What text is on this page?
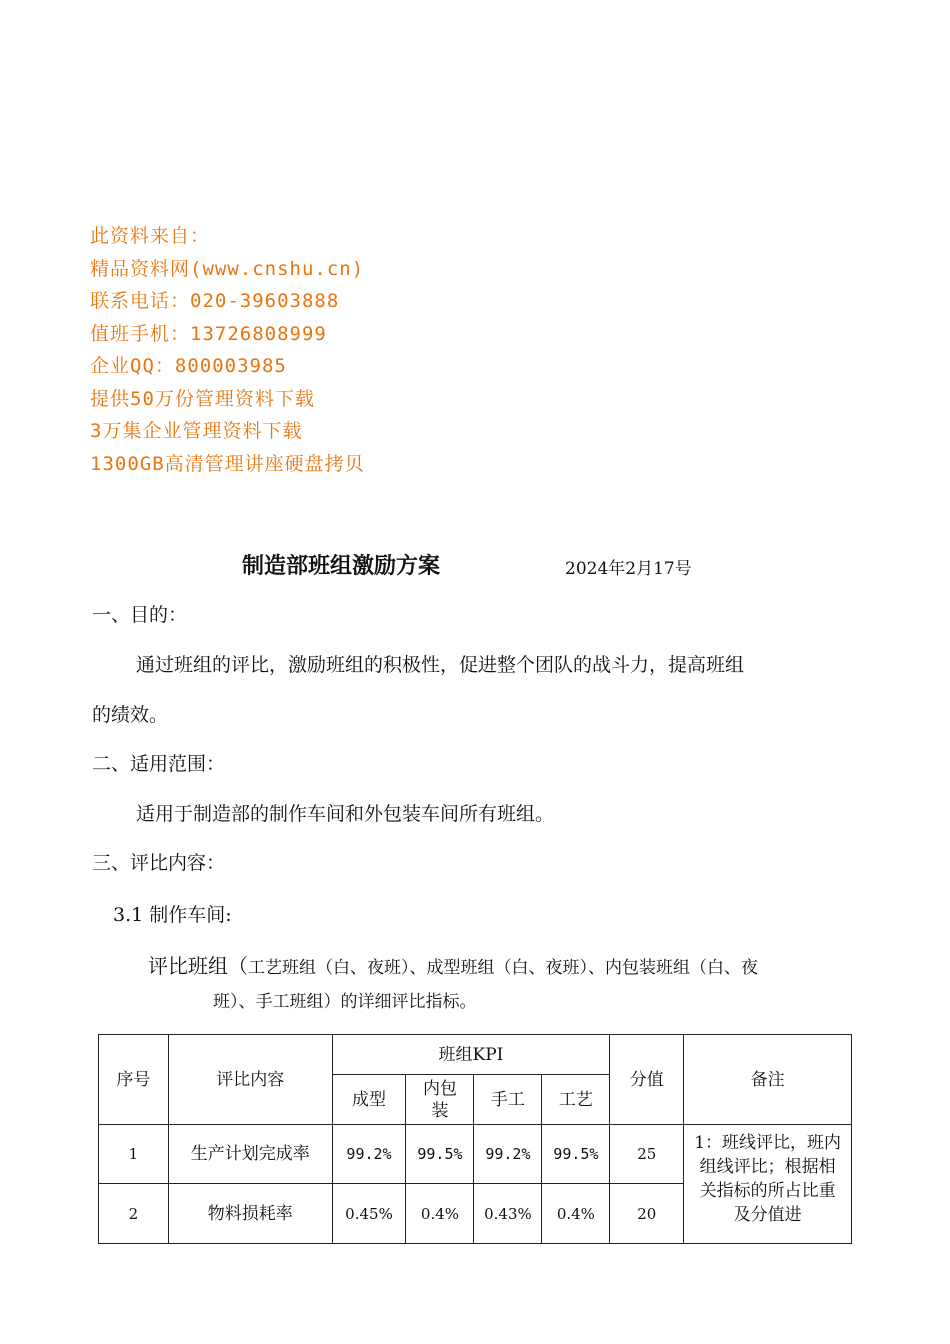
此资料来自：
精品资料网(www.cnshu.cn)
联系电话：020-39603888
值班手机：13726808999
企业QQ：800003985
提供50万份管理资料下载
3万集企业管理资料下载
1300GB高清管理讲座硬盘拷贝
制造部班组激励方案	2024年2月17号
一、目的：
通过班组的评比，激励班组的积极性，促进整个团队的战斗力，提高班组
的绩效。
二、适用范围：
适用于制造部的制作车间和外包装车间所有班组。
三、评比内容：
3.1 制作车间:
评比班组（工艺班组（白、夜班）、成型班组（白、夜班）、内包装班组（白、夜
班）、手工班组）的详细评比指标。
序号	评比内容	班组KPI				分值	备注
		成型	内包装	手工	工艺		
1	生产计划完成率	99.2%	99.5%	99.2%	99.5%	25	1：班线评比，班内组线评比；根据相关指标的所占比重及分值进
2	物料损耗率	0.45%	0.4%	0.43%	0.4%	20	
